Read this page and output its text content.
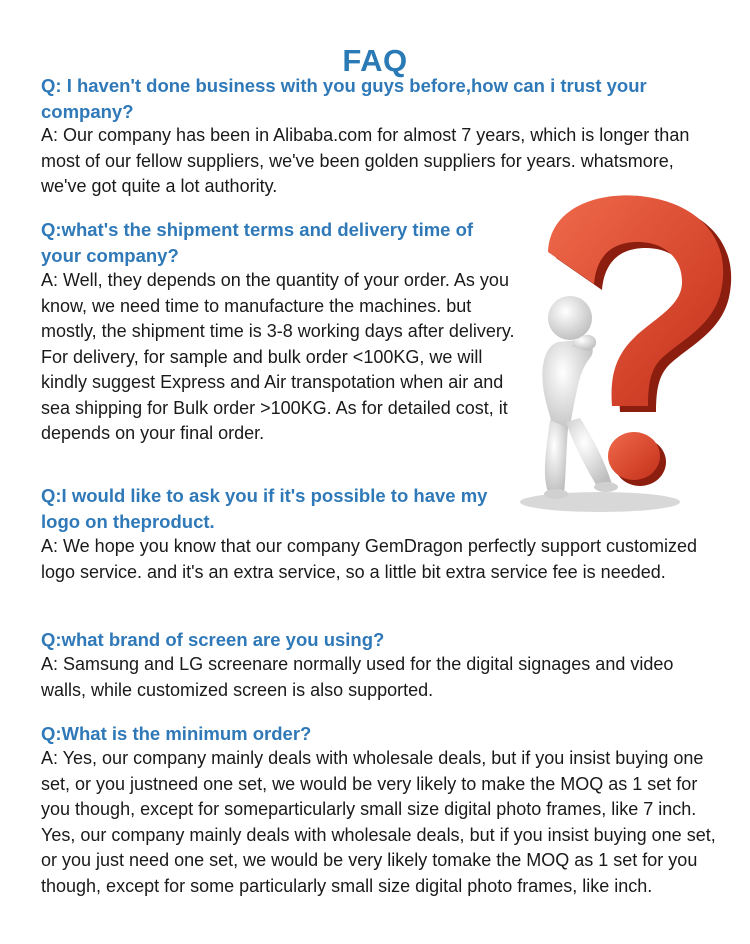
FAQ

Q: I haven't done business with you guys before,how can i trust your company?

A: Our company has been in Alibaba.com for almost 7 years, which is longer than most of our fellow suppliers, we've been golden suppliers for years. whatsmore, we've got quite a lot authority.

Q:what's the shipment terms and delivery time of your company?

A: Well, they depends on the quantity of your order. As you know, we need time to manufacture the machines. but mostly, the shipment time is 3-8 working days after delivery. For delivery, for sample and bulk order <100KG, we will kindly suggest Express and Air transpotation when air and sea shipping for Bulk order >100KG. As for detailed cost, it depends on your final order.

Q:I would like to ask you if it's possible to have my logo on theproduct.

A: We hope you know that our company GemDragon perfectly support customized logo service. and it's an extra service, so a little bit extra service fee is needed.

Q:what brand of screen are you using?

A: Samsung and LG screenare normally used for the digital signages and video walls, while customized screen is also supported.

Q:What is the minimum order?

A: Yes, our company mainly deals with wholesale deals, but if you insist buying one set, or you justneed one set, we would be very likely to make the MOQ as 1 set for you though, except for someparticularly small size digital photo frames, like 7 inch. Yes, our company mainly deals with wholesale deals, but if you insist buying one set, or you just need one set, we would be very likely tomake the MOQ as 1 set for you though, except for some particularly small size digital photo frames, like inch.
